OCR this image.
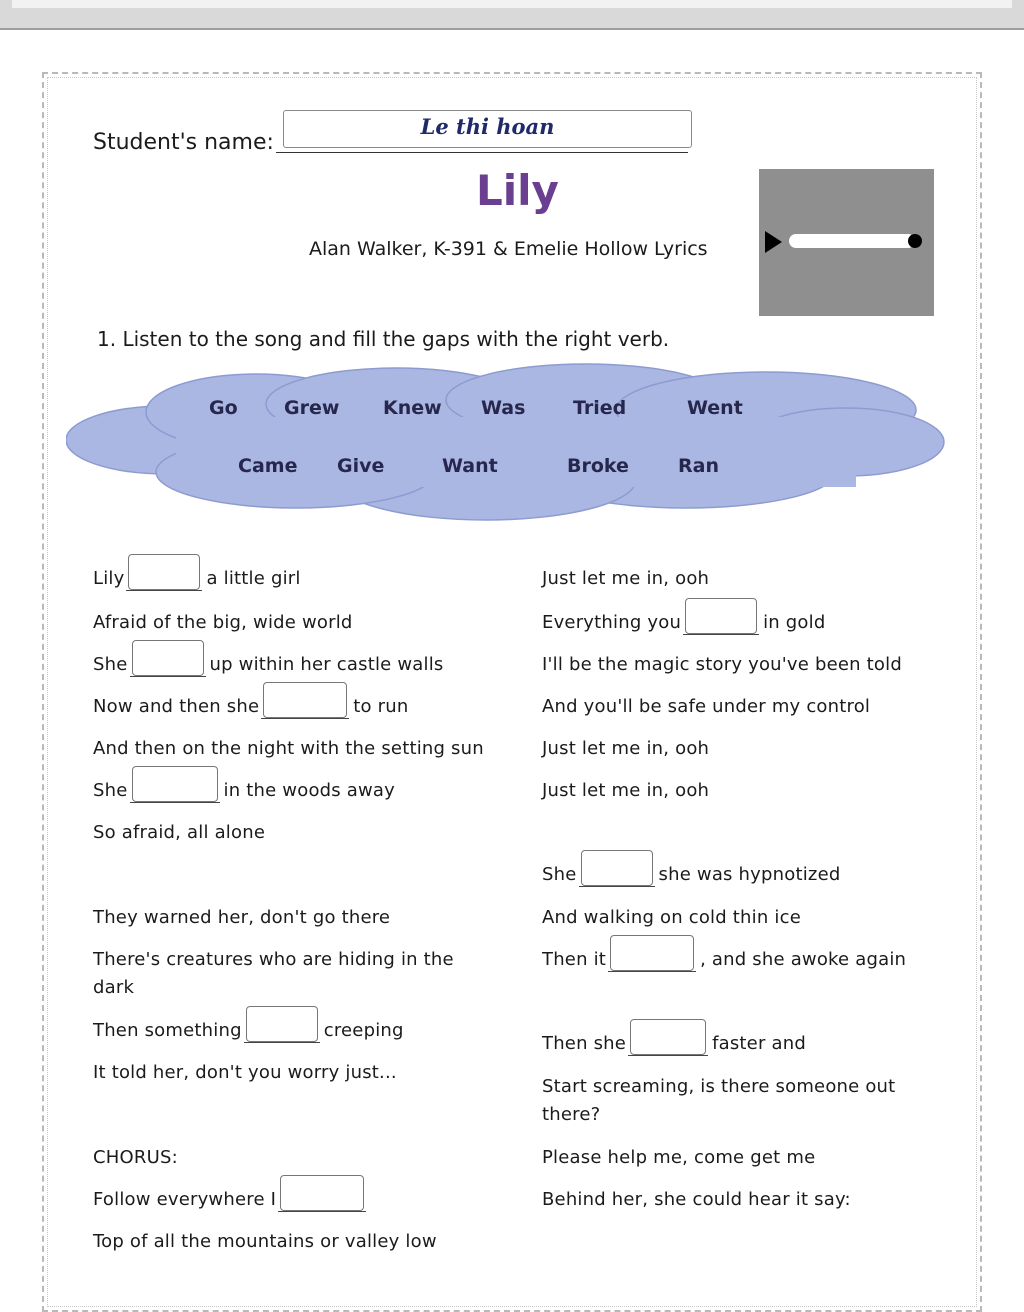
Student's name:
Le thi hoan
Lily
Alan Walker, K-391 & Emelie Hollow Lyrics
1. Listen to the song and fill the gaps with the right verb.
Go Grew Knew Was	Tried	Went
Came Give	Want	Broke	Ran
Lily	a little girl
Afraid of the big, wide world
She	up within her castle walls
Now and then she	to run
And then on the night with the setting sun
She	in the woods away
So afraid, all alone
They warned her, don't go there
There's creatures who are hiding in the
dark
Then something	creeping
It told her, don't you worry just...
CHORUS:
Follow everywhere I
Top of all the mountains or valley low
Just let me in, ooh
Everything you	in gold
I'll be the magic story you've been told
And you'll be safe under my control
Just let me in, ooh
Just let me in, ooh
She	she was hypnotized
And walking on cold thin ice
Then it	, and she awoke again
Then she	faster and
Start screaming, is there someone out
there?
Please help me, come get me
Behind her, she could hear it say:
